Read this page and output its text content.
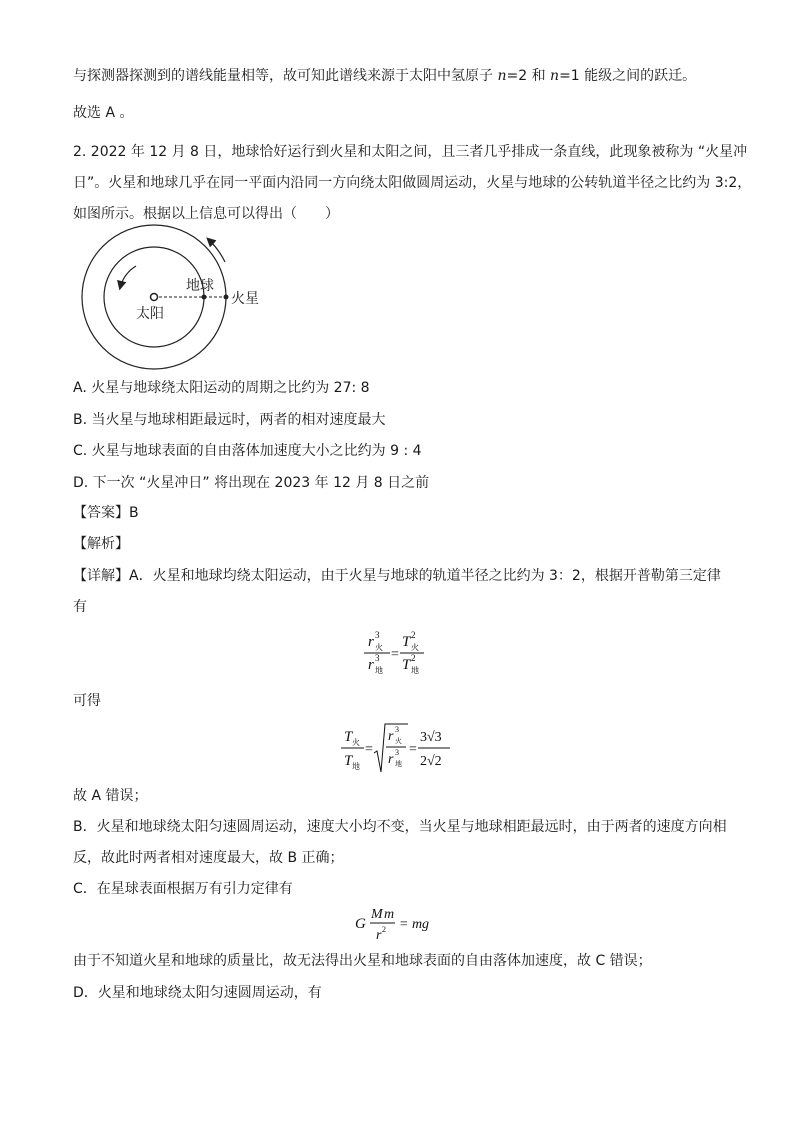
与探测器探测到的谱线能量相等，故可知此谱线来源于太阳中氢原子 n=2 和 n=1 能级之间的跃迁。
故选 A 。
2. 2022 年 12 月 8 日，地球恰好运行到火星和太阳之间，且三者几乎排成一条直线，此现象被称为 “火星冲
日”。火星和地球几乎在同一平面内沿同一方向绕太阳做圆周运动，火星与地球的公转轨道半径之比约为 3:2，
如图所示。根据以上信息可以得出（　　）
太阳
地球
火星
A. 火星与地球绕太阳运动的周期之比约为 27: 8
B. 当火星与地球相距最远时，两者的相对速度最大
C. 火星与地球表面的自由落体加速度大小之比约为 9 : 4
D. 下一次 “火星冲日” 将出现在 2023 年 12 月 8 日之前
【答案】B
【解析】
【详解】A．火星和地球均绕太阳运动，由于火星与地球的轨道半径之比约为 3：2，根据开普勒第三定律
有
r 3
火
r 3
地
=
T 2
火
T 2
地
可得
T 火
T 地
=
r 3
火
r 3
地
=
3√3
2√2
故 A 错误；
B．火星和地球绕太阳匀速圆周运动，速度大小均不变，当火星与地球相距最远时，由于两者的速度方向相
反，故此时两者相对速度最大，故 B 正确；
C．在星球表面根据万有引力定律有
G
M m
r 2 = mg
由于不知道火星和地球的质量比，故无法得出火星和地球表面的自由落体加速度，故 C 错误；
D．火星和地球绕太阳匀速圆周运动，有
